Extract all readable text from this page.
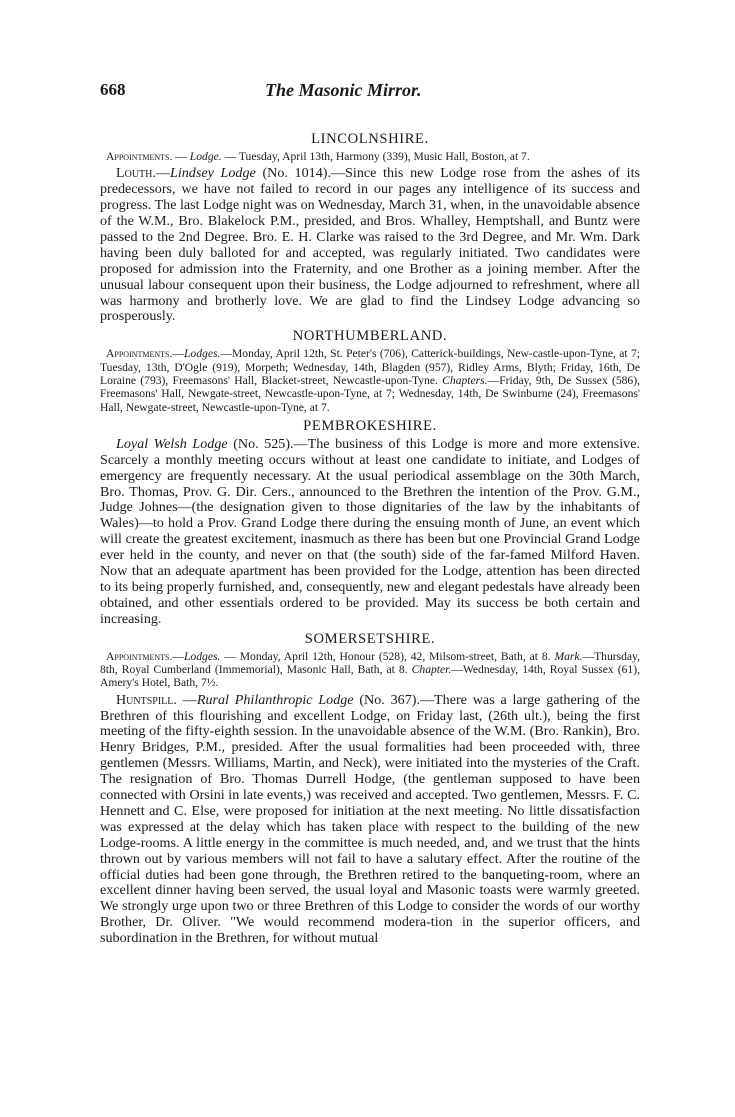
668	The Masonic Mirror.
LINCOLNSHIRE.

Appointments. — Lodge. — Tuesday, April 13th, Harmony (339), Music Hall, Boston, at 7.

Louth.—Lindsey Lodge (No. 1014).—Since this new Lodge rose from the ashes of its predecessors, we have not failed to record in our pages any intelligence of its success and progress. The last Lodge night was on Wednesday, March 31, when, in the unavoidable absence of the W.M., Bro. Blakelock P.M., presided, and Bros. Whalley, Hemptshall, and Buntz were passed to the 2nd Degree. Bro. E. H. Clarke was raised to the 3rd Degree, and Mr. Wm. Dark having been duly balloted for and accepted, was regularly initiated. Two candidates were proposed for admission into the Fraternity, and one Brother as a joining member. After the unusual labour consequent upon their business, the Lodge adjourned to refreshment, where all was harmony and brotherly love. We are glad to find the Lindsey Lodge advancing so prosperously.

NORTHUMBERLAND.

Appointments.—Lodges.—Monday, April 12th, St. Peter's (706), Catterick-buildings, New-castle-upon-Tyne, at 7; Tuesday, 13th, D'Ogle (919), Morpeth; Wednesday, 14th, Blagden (957), Ridley Arms, Blyth; Friday, 16th, De Loraine (793), Freemasons' Hall, Blacket-street, Newcastle-upon-Tyne. Chapters.—Friday, 9th, De Sussex (586), Freemasons' Hall, Newgate-street, Newcastle-upon-Tyne, at 7; Wednesday, 14th, De Swinburne (24), Freemasons' Hall, Newgate-street, Newcastle-upon-Tyne, at 7.

PEMBROKESHIRE.

Loyal Welsh Lodge (No. 525).—The business of this Lodge is more and more extensive. Scarcely a monthly meeting occurs without at least one candidate to initiate, and Lodges of emergency are frequently necessary. At the usual periodical assemblage on the 30th March, Bro. Thomas, Prov. G. Dir. Cers., announced to the Brethren the intention of the Prov. G.M., Judge Johnes—(the designation given to those dignitaries of the law by the inhabitants of Wales)—to hold a Prov. Grand Lodge there during the ensuing month of June, an event which will create the greatest excitement, inasmuch as there has been but one Provincial Grand Lodge ever held in the county, and never on that (the south) side of the far-famed Milford Haven. Now that an adequate apartment has been provided for the Lodge, attention has been directed to its being properly furnished, and, consequently, new and elegant pedestals have already been obtained, and other essentials ordered to be provided. May its success be both certain and increasing.

SOMERSETSHIRE.

Appointments.—Lodges. — Monday, April 12th, Honour (528), 42, Milsom-street, Bath, at 8. Mark.—Thursday, 8th, Royal Cumberland (Immemorial), Masonic Hall, Bath, at 8. Chapter.—Wednesday, 14th, Royal Sussex (61), Amery's Hotel, Bath, 7½.

Huntspill. —Rural Philanthropic Lodge (No. 367).—There was a large gathering of the Brethren of this flourishing and excellent Lodge, on Friday last, (26th ult.), being the first meeting of the fifty-eighth session. In the unavoidable absence of the W.M. (Bro. Rankin), Bro. Henry Bridges, P.M., presided. After the usual formalities had been proceeded with, three gentlemen (Messrs. Williams, Martin, and Neck), were initiated into the mysteries of the Craft. The resignation of Bro. Thomas Durrell Hodge, (the gentleman supposed to have been connected with Orsini in late events,) was received and accepted. Two gentlemen, Messrs. F. C. Hennett and C. Else, were proposed for initiation at the next meeting. No little dissatisfaction was expressed at the delay which has taken place with respect to the building of the new Lodge-rooms. A little energy in the committee is much needed, and, and we trust that the hints thrown out by various members will not fail to have a salutary effect. After the routine of the official duties had been gone through, the Brethren retired to the banqueting-room, where an excellent dinner having been served, the usual loyal and Masonic toasts were warmly greeted. We strongly urge upon two or three Brethren of this Lodge to consider the words of our worthy Brother, Dr. Oliver. "We would recommend modera-tion in the superior officers, and subordination in the Brethren, for without mutual
